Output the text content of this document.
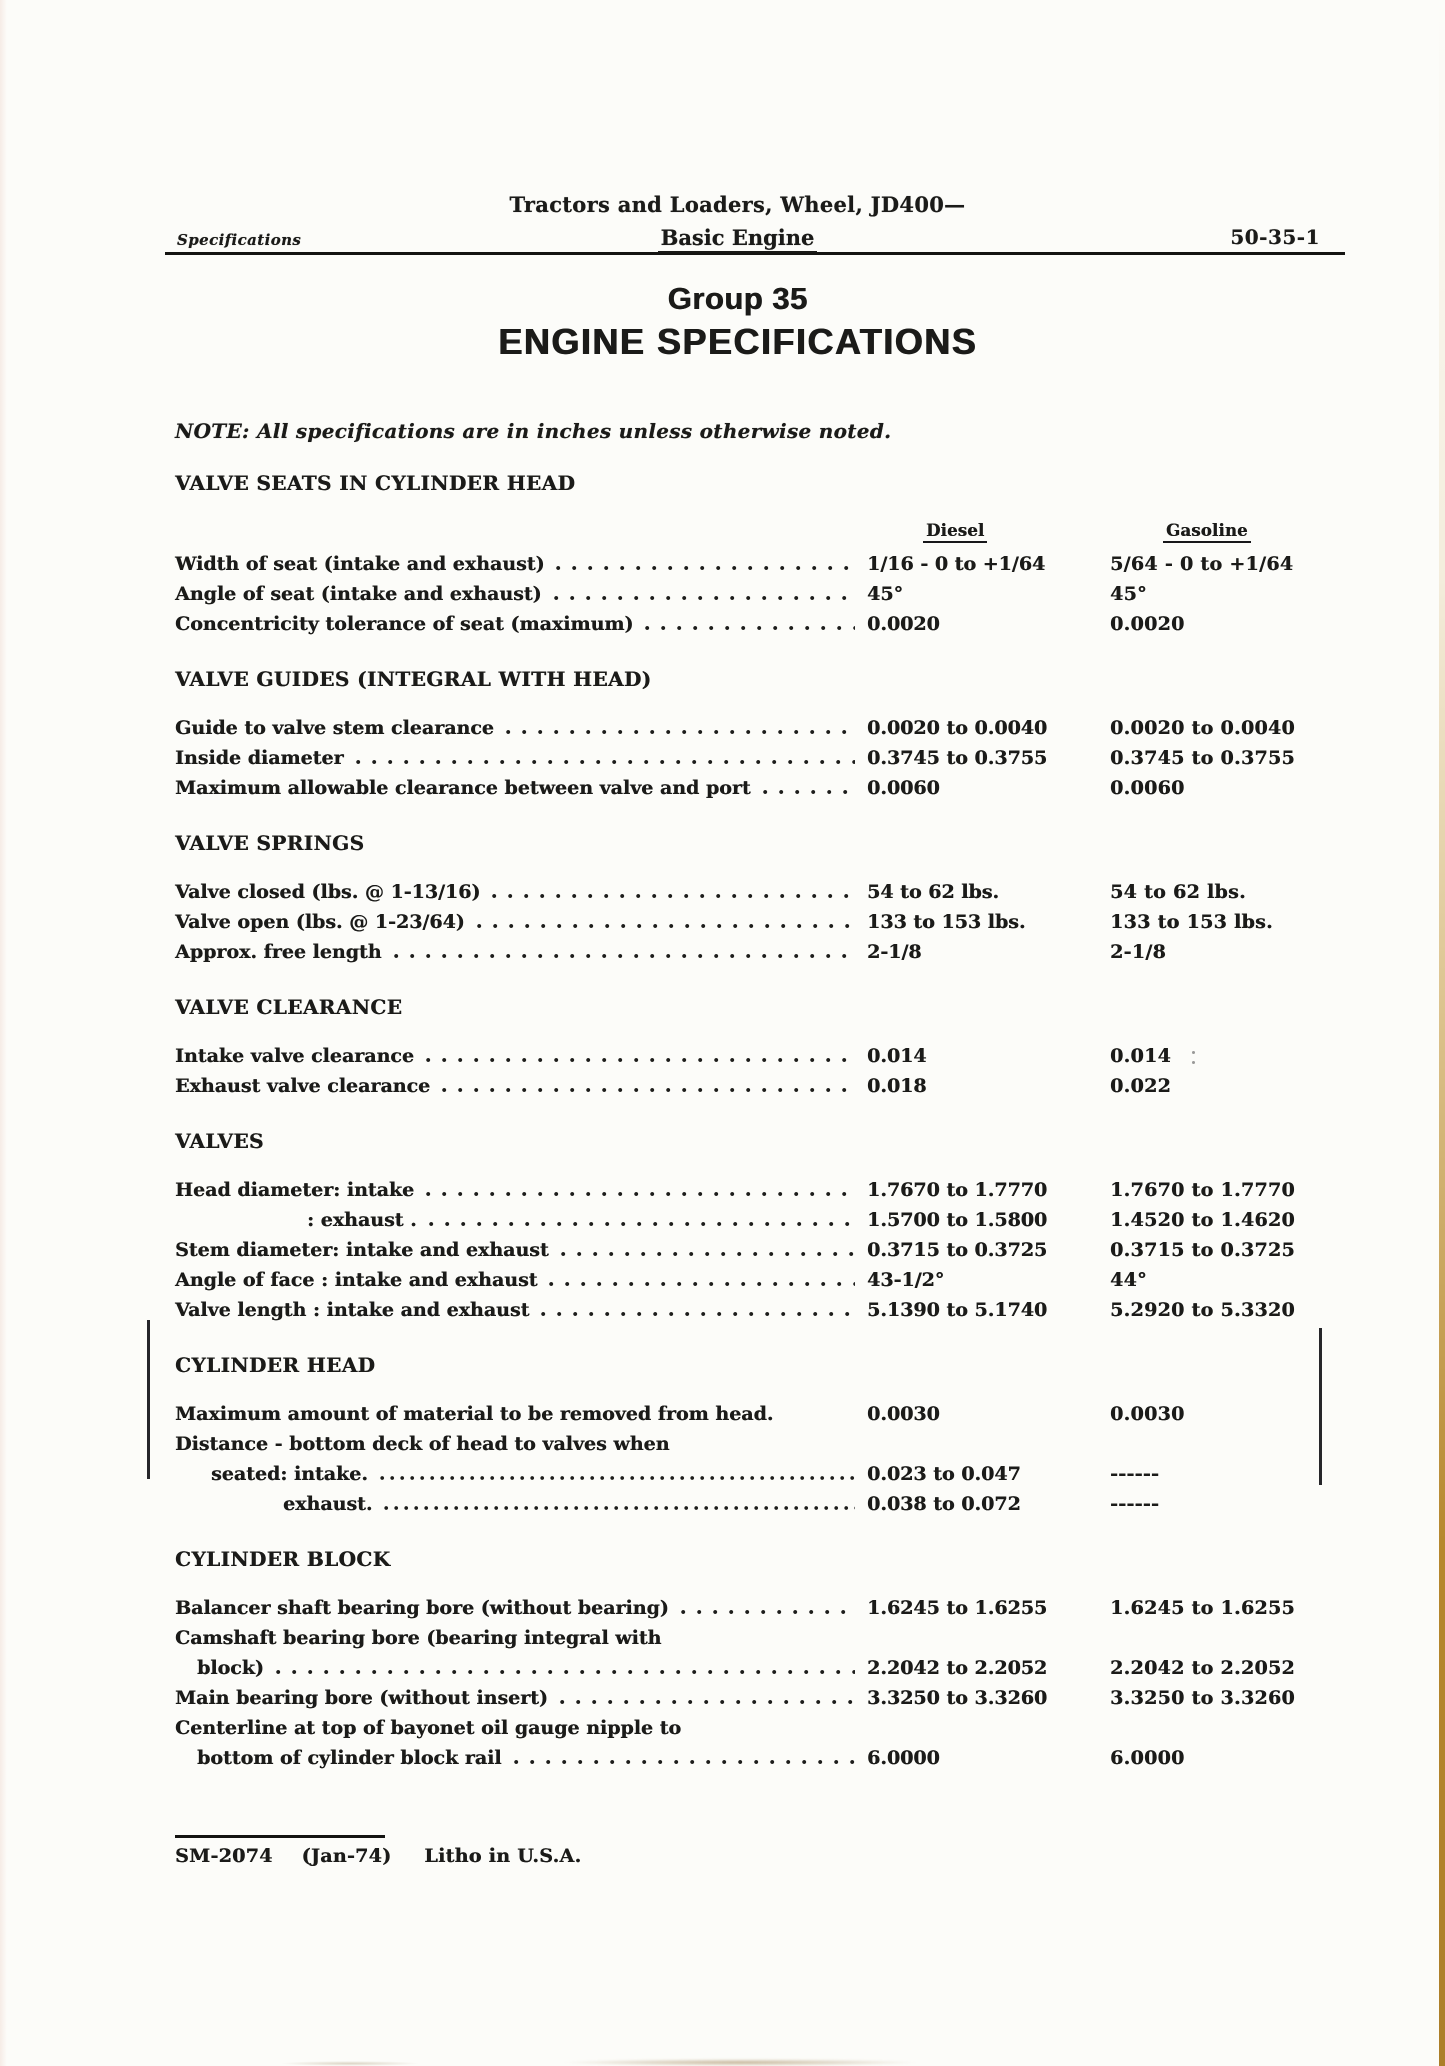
Tractors and Loaders, Wheel, JD400—
Specifications	Basic Engine	50-35-1
Group 35
ENGINE SPECIFICATIONS
NOTE: All specifications are in inches unless otherwise noted.
VALVE SEATS IN CYLINDER HEAD
Diesel	Gasoline
Width of seat (intake and exhaust)	1/16 - 0 to +1/64	5/64 - 0 to +1/64
Angle of seat (intake and exhaust)	45°	45°
Concentricity tolerance of seat (maximum)	0.0020	0.0020
VALVE GUIDES (INTEGRAL WITH HEAD)
Guide to valve stem clearance	0.0020 to 0.0040	0.0020 to 0.0040
Inside diameter	0.3745 to 0.3755	0.3745 to 0.3755
Maximum allowable clearance between valve and port	0.0060	0.0060
VALVE SPRINGS
Valve closed (lbs. @ 1-13/16)	54 to 62 lbs.	54 to 62 lbs.
Valve open (lbs. @ 1-23/64)	133 to 153 lbs.	133 to 153 lbs.
Approx. free length	2-1/8	2-1/8
VALVE CLEARANCE
Intake valve clearance	0.014	0.014
Exhaust valve clearance	0.018	0.022
VALVES
Head diameter: intake	1.7670 to 1.7770	1.7670 to 1.7770
: exhaust .	1.5700 to 1.5800	1.4520 to 1.4620
Stem diameter: intake and exhaust	0.3715 to 0.3725	0.3715 to 0.3725
Angle of face : intake and exhaust	43-1/2°	44°
Valve length : intake and exhaust	5.1390 to 5.1740	5.2920 to 5.3320
CYLINDER HEAD
Maximum amount of material to be removed from head.	0.0030	0.0030
Distance - bottom deck of head to valves when
seated: intake.	0.023 to 0.047	------
exhaust.	0.038 to 0.072	------
CYLINDER BLOCK
Balancer shaft bearing bore (without bearing)	1.6245 to 1.6255	1.6245 to 1.6255
Camshaft bearing bore (bearing integral with
block)	2.2042 to 2.2052	2.2042 to 2.2052
Main bearing bore (without insert)	3.3250 to 3.3260	3.3250 to 3.3260
Centerline at top of bayonet oil gauge nipple to
bottom of cylinder block rail	6.0000	6.0000
SM-2074 (Jan-74) Litho in U.S.A.
